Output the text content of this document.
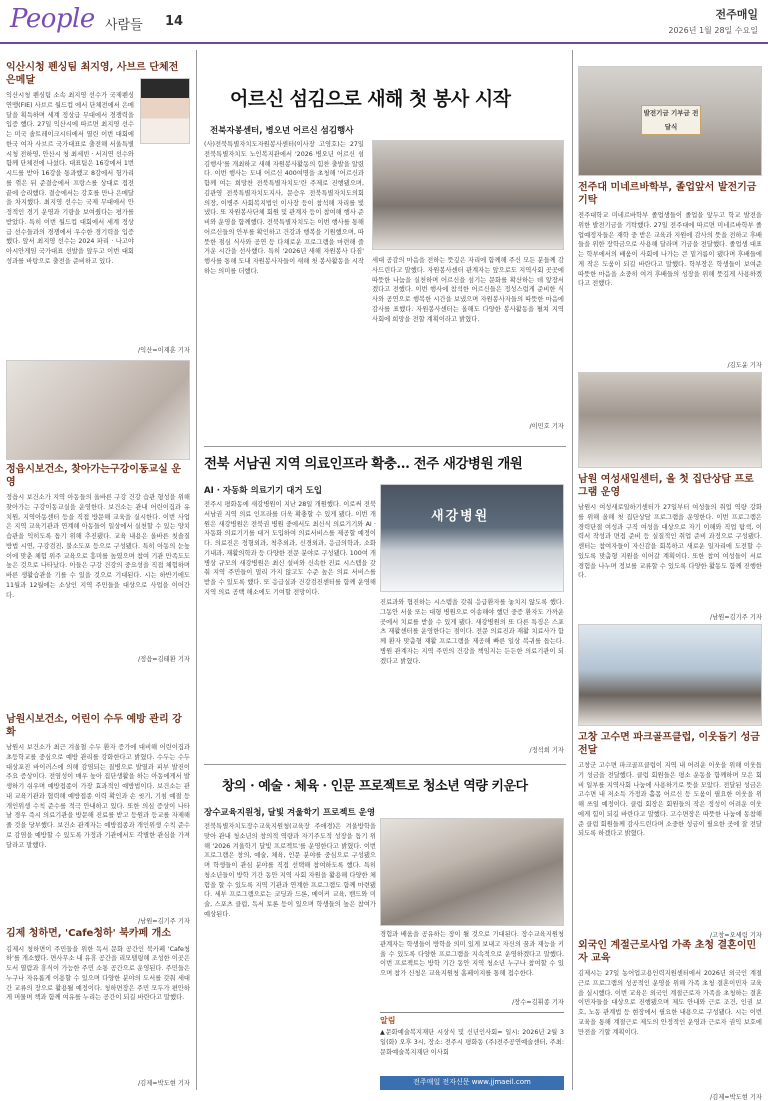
People 사람들 14	전주매일
2026년 1월 28일 수요일
익산시청 펜싱팀 최지영, 사브르 단체전 은메달
익산시청 펜싱팀 소속 최지영 선수가 국제펜싱연맹(FIE) 사브르 월드컵 에서 단체전에서 은메달을 획득하며 세계 정상급 무대에서 경쟁력을 입증 했다. 27일 익산시에 따르면 최지영 선수는 미국 솔트레이크시티에서 열린 이번 대회에 한국 여자 사브르 국가대표로 출전해 서울특별시청 전하영, 안산시 청 최세빈 · 서지연 선수와 함께 단체전에 나섰다. 대표팀은 16강에서 1번 시드를 받아 16강을 통과했고 8강에서 헝가리를 꺾은 뒤 준결승에서 프랑스를 상대로 접전 끝에 승리했다. 결승에서는 강호를 만나 은메달을 차지했다. 최지영 선수는 국제 무대에서 안정적인 경기 운영과 기량을 보여줬다는 평가를 받았다. 특히 이번 월드컵 대회에서 세계 정상급 선수들과의 경쟁에서 우수한 경기력을 입증했다. 앞서 최지영 선수는 2024 파리 · 나고야 아시안게임 국가대표 선발을 앞두고 이번 대회 성과를 바탕으로 출전을 준비하고 있다.
/익산=이재훈 기자
정읍시보건소, 찾아가는구강이동교실 운영
정읍시 보건소가 지역 아동들의 올바른 구강 건강 습관 형성을 위해 찾아가는 구강이동교실을 운영한다. 보건소는 관내 어린이집과 유치원, 지역아동센터 등을 직접 방문해 교육을 실시한다. 이번 사업은 지역 교육기관과 연계해 아동들이 일상에서 실천할 수 있는 양치 습관을 익히도록 돕기 위해 추진됐다. 교육 내용은 올바른 칫솔질 방법 시연, 구강검진, 불소도포 등으로 구성됐다. 특히 아동의 눈높이에 맞춘 체험 위주 교육으로 흥미를 높였으며 참여 기관 만족도도 높은 것으로 나타났다. 이들은 구강 건강의 중요성을 직접 체험하며 바른 생활습관을 기를 수 있을 것으로 기대된다. 시는 하반기에도 11월과 12월에는 소상인 지역 주민들을 대상으로 사업을 이어간다.
/정읍=김태환 기자
남원시보건소, 어린이 수두 예방 관리 강화
남원시 보건소가 최근 겨울철 수두 환자 증가에 대비해 어린이집과 초등학교를 중심으로 예방 관리를 강화한다고 밝혔다. 수두는 수두 대상포진 바이러스에 의해 감염되는 질병으로 발열과 피부 발진이 주요 증상이다. 전염성이 매우 높아 집단생활을 하는 아동에게서 발생하기 쉬우며 예방접종이 가장 효과적인 예방법이다. 보건소는 관내 교육기관과 협력해 예방접종 이력 확인과 손 씻기, 기침 예절 등 개인위생 수칙 준수를 적극 안내하고 있다. 또한 의심 증상이 나타날 경우 즉시 의료기관을 방문해 진료를 받고 등원과 등교를 자제해 줄 것을 당부했다. 보건소 관계자는 예방접종과 개인위생 수칙 준수로 감염을 예방할 수 있도록 가정과 기관에서도 각별한 관심을 가져 달라고 말했다.
/남원=김기주 기자
김제 청하면, 'Cafe청하' 북카페 개소
김제시 청하면이 주민들을 위한 독서 문화 공간인 북카페 'Cafe청하'를 개소했다. 면사무소 내 유휴 공간을 리모델링해 조성한 이곳은 도서 열람과 휴식이 가능한 주민 소통 공간으로 운영된다. 주민들은 누구나 자유롭게 이용할 수 있으며 다양한 분야의 도서를 갖춰 세대 간 교류의 장으로 활용될 예정이다. 청하면장은 주민 모두가 편안하게 머물며 책과 함께 여유를 누리는 공간이 되길 바란다고 말했다.
/김제=박도현 기자
어르신 섬김으로 새해 첫 봉사 시작
전북자봉센터, 병오년 어르신 섬김행사
(사)전북특별자치도자원봉사센터(이사장 고영호)는 27일 전북특별자치도 노인복지관에서 '2026 병오년 어르신 섬김행사'를 개최하고 새해 자원봉사활동의 힘찬 출발을 알렸다. 이번 행사는 도내 어르신 400여명을 초청해 '어르신과 함께 여는 희망찬 전북특별자치도'란 주제로 진행됐으며, 김관영 전북특별자치도지사, 문승우 전북특별자치도의회 의장, 이병주 사회복지법인 이사장 등이 참석해 자리를 빛냈다. 또 자원봉사단체 회원 및 관계자 등이 참여해 행사 준비와 운영을 함께했다. 전북특별자치도는 이번 행사를 통해 어르신들의 안부를 확인하고 건강과 행복을 기원했으며, 따뜻한 점심 식사와 공연 등 다채로운 프로그램을 마련해 즐거운 시간을 선사했다. 특히 '2026년 새해 자원봉사 다짐' 행사를 통해 도내 자원봉사자들이 새해 첫 봉사활동을 시작하는 의미를 더했다.
세대 공감의 마음을 전하는 뜻깊은 자리에 함께해 주신 모든 분들께 감사드린다고 말했다. 자원봉사센터 관계자는 앞으로도 지역사회 곳곳에 따뜻한 나눔을 실천하며 어르신을 섬기는 문화를 확산하는 데 앞장서겠다고 전했다. 이번 행사에 참석한 어르신들은 정성스럽게 준비한 식사와 공연으로 행복한 시간을 보냈으며 자원봉사자들의 따뜻한 마음에 감사를 표했다. 자원봉사센터는 올해도 다양한 봉사활동을 펼쳐 지역사회에 희망을 전할 계획이라고 밝혔다.
/이민호 기자
전북 서남권 지역 의료인프라 확충… 전주 새강병원 개원
AI · 자동화 의료기기 대거 도입
전주시 평화동에 새강병원이 지난 28일 개원했다. 이로써 전북 서남권 지역 의료 인프라를 더욱 확충할 수 있게 됐다. 이번 개원은 새강병원은 전북권 병원 중에서도 최신식 의료기기와 AI · 자동화 의료기기를 대거 도입하여 의료서비스를 제공할 예정이다. 의료진은 정형외과, 척추외과, 신경외과, 응급의학과, 소화기내과, 재활의학과 등 다양한 전문 분야로 구성됐다. 100여 개 병상 규모의 새강병원은 최신 설비와 신속한 진료 시스템을 갖춰 지역 주민들이 멀리 가지 않고도 수준 높은 의료 서비스를 받을 수 있도록 했다. 또 응급실과 건강검진센터를 함께 운영해 지역 의료 공백 해소에도 기여할 전망이다.
새강병원
진료과와 협진하는 시스템을 갖춰 응급환자를 놓치지 않도록 했다. 그동안 서울 또는 대형 병원으로 이송해야 했던 중증 환자도 가까운 곳에서 치료를 받을 수 있게 됐다. 새강병원의 또 다른 특징은 스포츠 재활센터를 운영한다는 점이다. 전문 의료진과 재활 치료사가 함께 환자 맞춤형 재활 프로그램을 제공해 빠른 일상 복귀를 돕는다. 병원 관계자는 지역 주민의 건강을 책임지는 든든한 의료기관이 되겠다고 밝혔다.
/정석희 기자
창의 · 예술 · 체육 · 인문 프로젝트로 청소년 역량 키운다
장수교육지원청, 달빛 겨울학기 프로젝트 운영
전북특별자치도장수교육지원청(교육장 주애경)은 겨울방학을 맞아 관내 청소년의 창의적 역량과 자기주도적 성장을 돕기 위해 '2026 겨울학기 달빛 프로젝트'를 운영한다고 밝혔다. 이번 프로그램은 창의, 예술, 체육, 인문 분야를 중심으로 구성됐으며 학생들이 관심 분야를 직접 선택해 참여하도록 했다. 특히 청소년들이 방학 기간 동안 지역 사회 자원을 활용해 다양한 체험을 할 수 있도록 지역 기관과 연계한 프로그램도 함께 마련됐다. 세부 프로그램으로는 코딩과 드론, 메이커 교육, 밴드와 미술, 스포츠 클럽, 독서 토론 등이 있으며 학생들의 높은 참여가 예상된다.
경험과 배움을 공유하는 장이 될 것으로 기대된다. 장수교육지원청 관계자는 학생들이 방학을 의미 있게 보내고 자신의 꿈과 재능을 키울 수 있도록 다양한 프로그램을 지속적으로 운영하겠다고 말했다. 이번 프로젝트는 방학 기간 동안 지역 청소년 누구나 참여할 수 있으며 참가 신청은 교육지원청 홈페이지를 통해 접수한다.
/장수=김휘종 기자
알림
▲문화예술복지재단 시상식 및 신년인사회= 일시: 2026년 2월 3일(화) 오후 3시, 장소: 전주시 평화동 (주)전주공연예술센터, 주최: 문화예술복지재단 이사회
전주매일 전자신문 www.jjmaeil.com
발전기금 기부금 전달식
전주대 미네르바학부, 졸업앞서 발전기금 기탁
전주대학교 미네르바학부 졸업생들이 졸업을 앞두고 학교 발전을 위한 발전기금을 기탁했다. 27일 전주대에 따르면 미네르바학부 졸업예정자들은 재학 중 받은 교육과 지원에 감사의 뜻을 전하고 후배들을 위한 장학금으로 사용해 달라며 기금을 전달했다. 졸업생 대표는 학부에서의 배움이 사회에 나가는 큰 밑거름이 됐다며 후배들에게 작은 도움이 되길 바란다고 말했다. 학부장은 학생들이 보여준 따뜻한 마음을 소중히 여겨 후배들의 성장을 위해 뜻깊게 사용하겠다고 전했다.
/김도윤 기자
남원 여성새일센터, 올 첫 집단상담 프로그램 운영
남원시 여성새로일하기센터가 27일부터 여성들의 취업 역량 강화를 위해 올해 첫 집단상담 프로그램을 운영한다. 이번 프로그램은 경력단절 여성과 구직 여성을 대상으로 자기 이해와 직업 탐색, 이력서 작성과 면접 준비 등 실질적인 취업 준비 과정으로 구성됐다. 센터는 참여자들이 자신감을 회복하고 새로운 일자리에 도전할 수 있도록 맞춤형 지원을 이어갈 계획이다. 또한 참여 여성들이 서로 경험을 나누며 정보를 교류할 수 있도록 다양한 활동도 함께 진행한다.
/남원=김기주 기자
고창 고수면 파크골프클럽, 이웃돕기 성금 전달
고창군 고수면 파크골프클럽이 지역 내 어려운 이웃을 위해 이웃돕기 성금을 전달했다. 클럽 회원들은 평소 운동을 함께하며 모은 회비 일부를 지역사회 나눔에 사용하기로 뜻을 모았다. 전달된 성금은 고수면 내 저소득 가정과 홀몸 어르신 등 도움이 필요한 이웃을 위해 쓰일 예정이다. 클럽 회장은 회원들의 작은 정성이 어려운 이웃에게 힘이 되길 바란다고 말했다. 고수면장은 따뜻한 나눔에 동참해 준 클럽 회원들께 감사드린다며 소중한 성금이 필요한 곳에 잘 전달되도록 하겠다고 밝혔다.
/고창=오세림 기자
외국인 계절근로사업 가족 초청 결혼이민자 교육
김제시는 27일 농어업고용인력지원센터에서 2026년 외국인 계절근로 프로그램의 성공적인 운영을 위해 가족 초청 결혼이민자 교육을 실시했다. 이번 교육은 외국인 계절근로자 가족을 초청하는 결혼이민자들을 대상으로 진행됐으며 제도 안내와 근로 조건, 인권 보호, 노동 관계법 등 현장에서 필요한 내용으로 구성됐다. 시는 이번 교육을 통해 계절근로 제도의 안정적인 운영과 근로자 권익 보호에 만전을 기할 계획이다.
/김제=박도현 기자
